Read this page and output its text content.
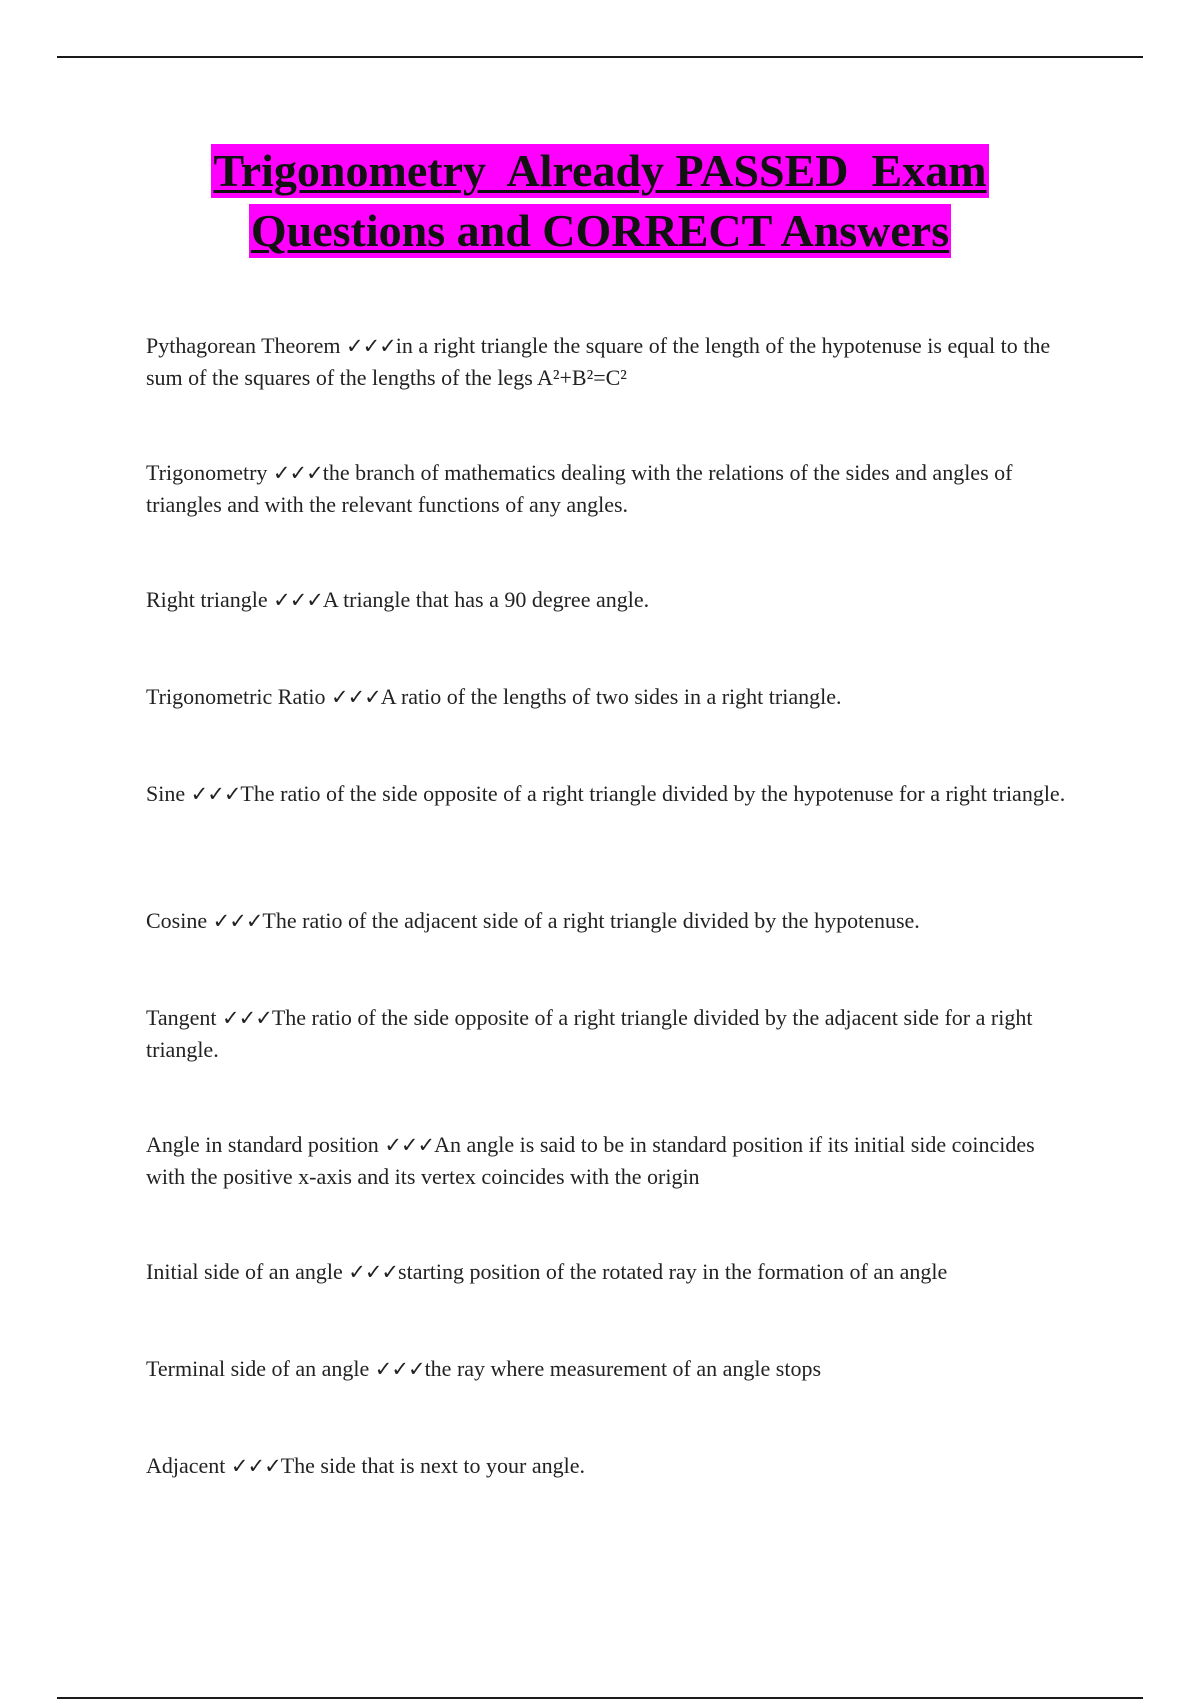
Trigonometry  Already PASSED  Exam
Questions and CORRECT Answers
Pythagorean Theorem ✓✓✓in a right triangle the square of the length of the hypotenuse is equal to the sum of the squares of the lengths of the legs A²+B²=C²
Trigonometry ✓✓✓the branch of mathematics dealing with the relations of the sides and angles of triangles and with the relevant functions of any angles.
Right triangle ✓✓✓A triangle that has a 90 degree angle.
Trigonometric Ratio ✓✓✓A ratio of the lengths of two sides in a right triangle.
Sine ✓✓✓The ratio of the side opposite of a right triangle divided by the hypotenuse for a right triangle.
Cosine ✓✓✓The ratio of the adjacent side of a right triangle divided by the hypotenuse.
Tangent ✓✓✓The ratio of the side opposite of a right triangle divided by the adjacent side for a right triangle.
Angle in standard position ✓✓✓An angle is said to be in standard position if its initial side coincides with the positive x-axis and its vertex coincides with the origin
Initial side of an angle ✓✓✓starting position of the rotated ray in the formation of an angle
Terminal side of an angle ✓✓✓the ray where measurement of an angle stops
Adjacent ✓✓✓The side that is next to your angle.
